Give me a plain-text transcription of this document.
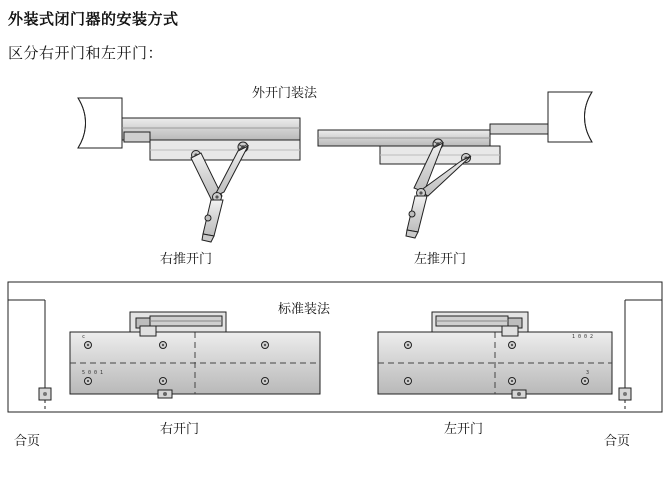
外装式闭门器的安装方式
区分右开门和左开门：
c
5 0 0 1
1 0 0 2
3
外开门装法
右推开门	左推开门
标准装法
右开门	左开门
合页	合页
